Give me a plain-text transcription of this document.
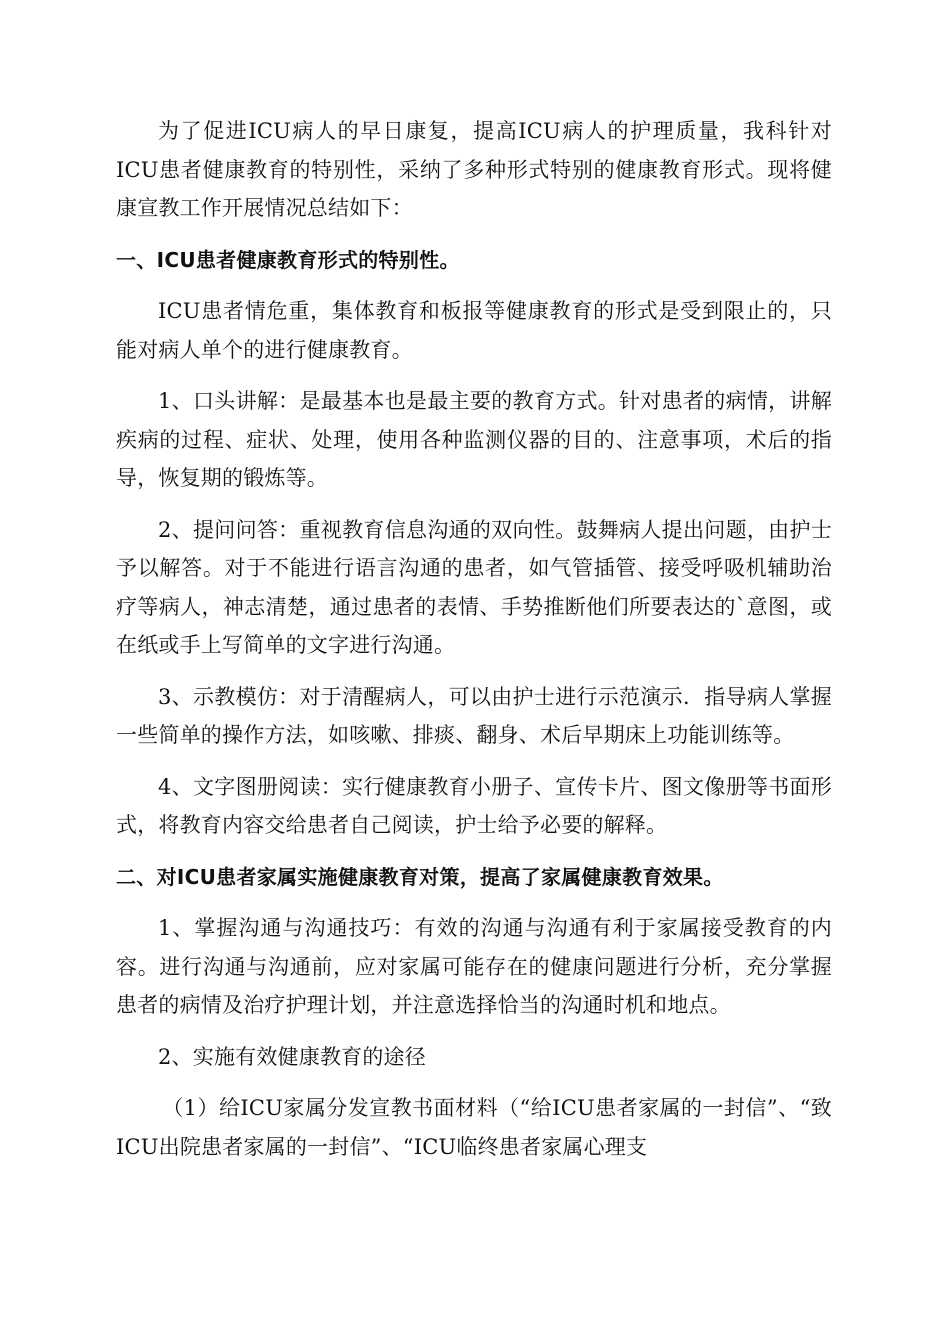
为了促进ICU病人的早日康复，提高ICU病人的护理质量，我科针对ICU患者健康教育的特别性，采纳了多种形式特别的健康教育形式。现将健康宣教工作开展情况总结如下：

一、ICU患者健康教育形式的特别性。

ICU患者情危重，集体教育和板报等健康教育的形式是受到限止的，只能对病人单个的进行健康教育。

1、口头讲解：是最基本也是最主要的教育方式。针对患者的病情，讲解疾病的过程、症状、处理，使用各种监测仪器的目的、注意事项，术后的指导，恢复期的锻炼等。

2、提问问答：重视教育信息沟通的双向性。鼓舞病人提出问题，由护士予以解答。对于不能进行语言沟通的患者，如气管插管、接受呼吸机辅助治疗等病人，神志清楚，通过患者的表情、手势推断他们所要表达的`意图，或在纸或手上写简单的文字进行沟通。

3、示教模仿：对于清醒病人，可以由护士进行示范演示．指导病人掌握一些简单的操作方法，如咳嗽、排痰、翻身、术后早期床上功能训练等。

4、文字图册阅读：实行健康教育小册子、宣传卡片、图文像册等书面形式，将教育内容交给患者自己阅读，护士给予必要的解释。

二、对ICU患者家属实施健康教育对策，提高了家属健康教育效果。

1、掌握沟通与沟通技巧：有效的沟通与沟通有利于家属接受教育的内容。进行沟通与沟通前，应对家属可能存在的健康问题进行分析，充分掌握患者的病情及治疗护理计划，并注意选择恰当的沟通时机和地点。

2、实施有效健康教育的途径

（1）给ICU家属分发宣教书面材料（“给ICU患者家属的一封信”、“致ICU出院患者家属的一封信”、“ICU临终患者家属心理支
